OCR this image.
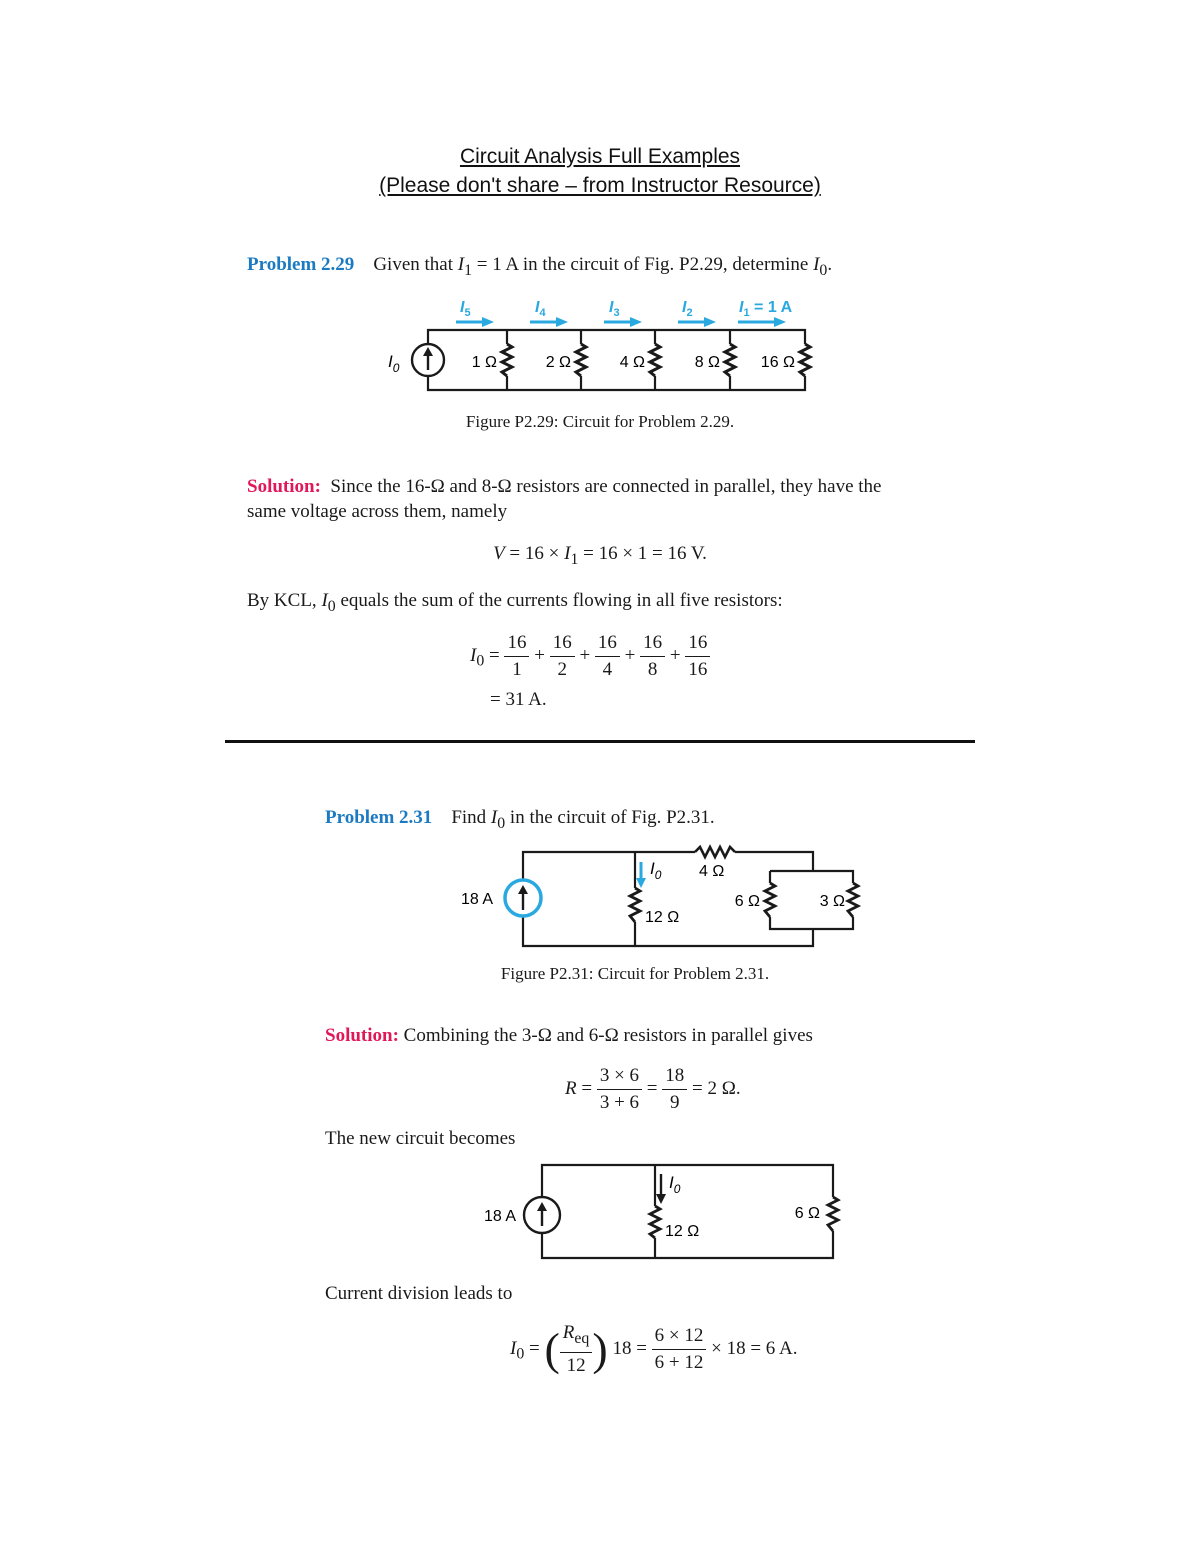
Circuit Analysis Full Examples
(Please don't share – from Instructor Resource)
Problem 2.29 Given that $I_1 = 1$ A in the circuit of Fig. P2.29, determine $I_0$.
$I_0$	1 Ω	2 Ω	4 Ω	8 Ω	16 Ω
$I_5$	$I_4$	$I_3$	$I_2$	$I_1 = 1$ A
Figure P2.29: Circuit for Problem 2.29.
Solution: Since the 16-Ω and 8-Ω resistors are connected in parallel, they have the
same voltage across them, namely
$V = 16 \times I_1 = 16 \times 1 = 16$ V.
By KCL, $I_0$ equals the sum of the currents flowing in all five resistors:
$I_0 = \frac{16}{1} + \frac{16}{2} + \frac{16}{4} + \frac{16}{8} + \frac{16}{16}$
= 31 A.
Problem 2.31 Find $I_0$ in the circuit of Fig. P2.31.
18 A
$I_0$ 4 Ω
12 Ω
6 Ω	3 Ω
Figure P2.31: Circuit for Problem 2.31.
Solution: Combining the 3-Ω and 6-Ω resistors in parallel gives
$R = \frac{3 \times 6}{3 + 6} = \frac{18}{9} = 2$ Ω.
The new circuit becomes
18 A
$I_0$
12 Ω
6 Ω
Current division leads to
$I_0$ = ( $\frac{R_{eq}}{12}$ ) $18 = \frac{6 \times 12}{6 + 12} \times 18 = 6$ A.
